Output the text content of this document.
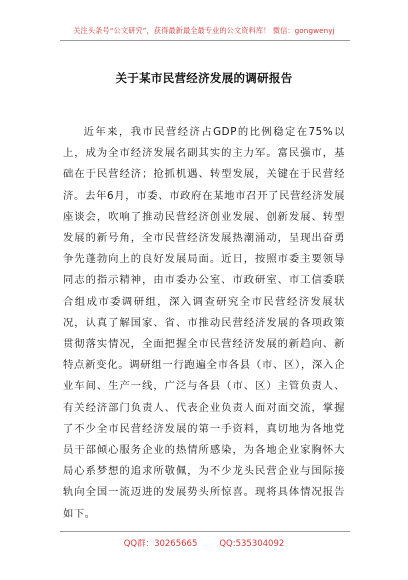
关注头条号“公文研究”，获得最新最全最专业的公文资料库！ 微信：gongwenyj
关于某市民营经济发展的调研报告

近年来，我市民营经济占GDP的比例稳定在75%以上，成为全市经济发展名副其实的主力军。富民强市，基础在于民营经济；抢抓机遇、转型发展，关键在于民营经济。去年6月，市委、市政府在某地市召开了民营经济发展座谈会，吹响了推动民营经济创业发展、创新发展、转型发展的新号角，全市民营经济发展热潮涌动，呈现出奋勇争先蓬勃向上的良好发展局面。近日，按照市委主要领导同志的指示精神，由市委办公室、市政研室、市工信委联合组成市委调研组，深入调查研究全市民营经济发展状况，认真了解国家、省、市推动民营经济发展的各项政策贯彻落实情况，全面把握全市民营经济发展的新趋向、新特点新变化。调研组一行跑遍全市各县（市、区），深入企业车间、生产一线，广泛与各县（市、区）主管负责人、有关经济部门负责人、代表企业负责人面对面交流，掌握了不少全市民营经济发展的第一手资料，真切地为各地党员干部倾心服务企业的热情所感染，为各地企业家胸怀大局心系梦想的追求所敬佩，为不少龙头民营企业与国际接轨向全国一流迈进的发展势头所惊喜。现将具体情况报告如下。

QQ群：30265665	QQ:535304092
